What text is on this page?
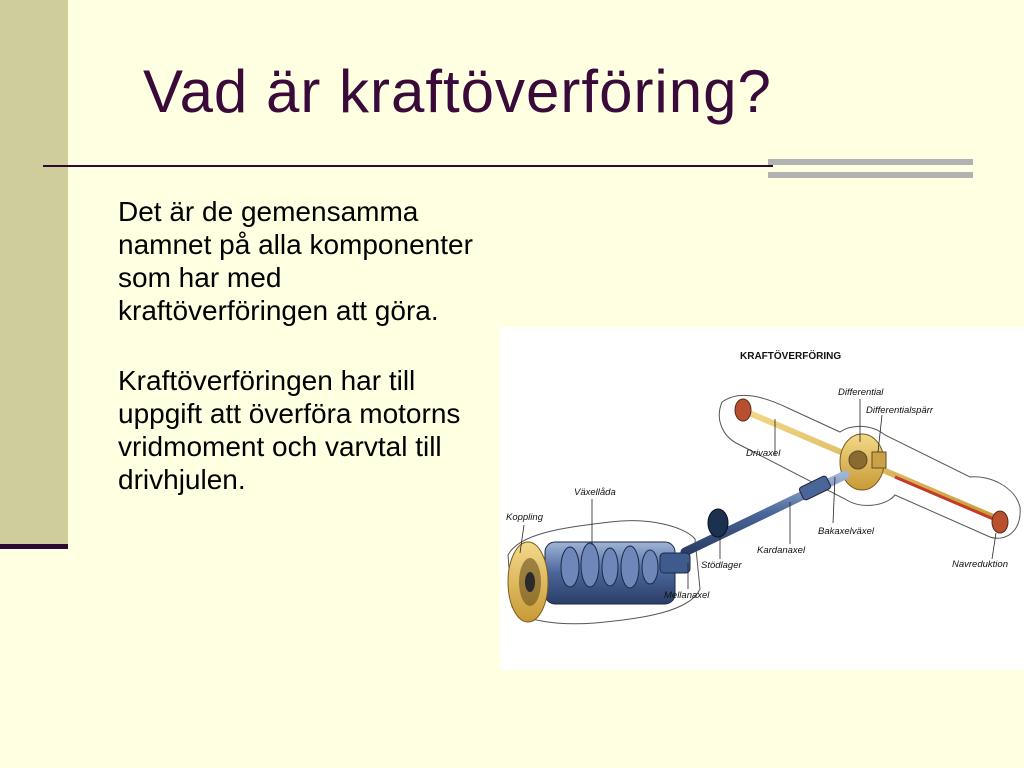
Vad är kraftöverföring?

Det är de gemensamma namnet på alla komponenter som har med kraftöverföringen att göra.

Kraftöverföringen har till uppgift att överföra motorns vridmoment och varvtal till drivhjulen.

KRAFTÖVERFÖRING
Differential
Differentialspärr
Drivaxel
Växellåda
Koppling
Bakaxelväxel
Kardanaxel
Stödlager
Mellanaxel
Navreduktion
